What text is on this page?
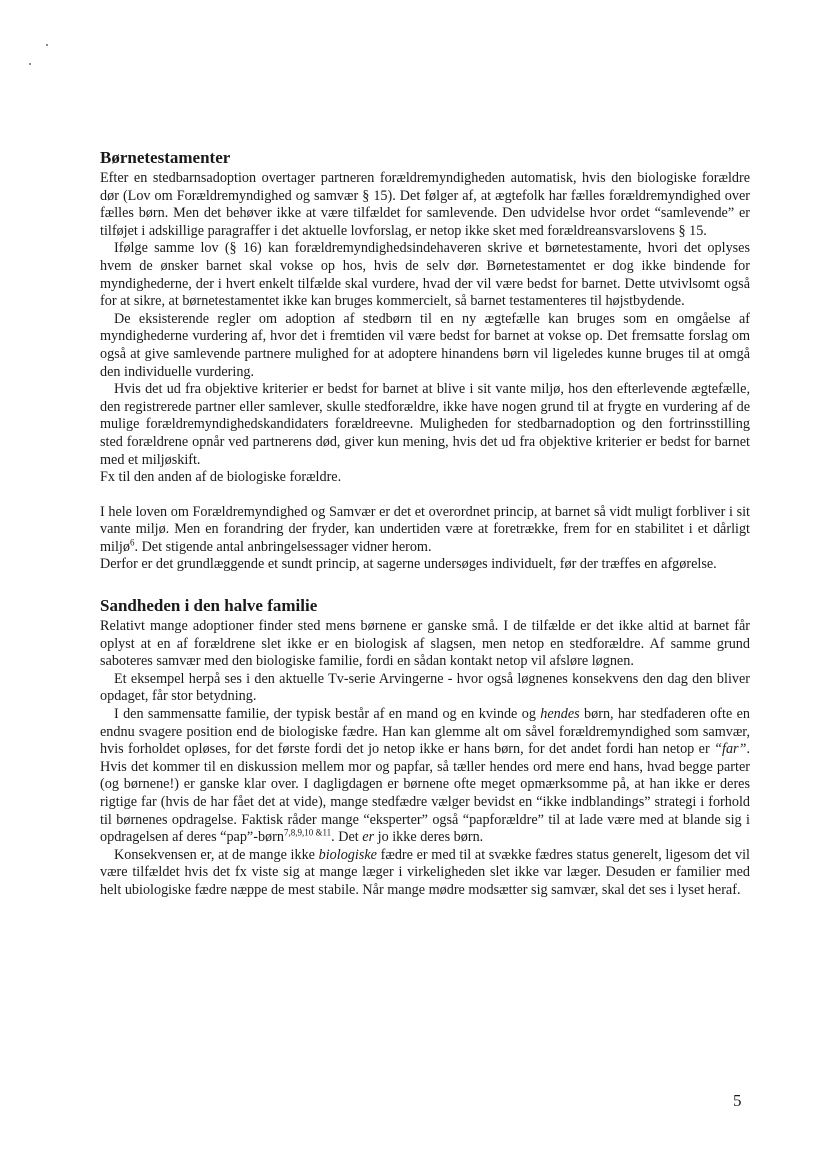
Børnetestamenter

Efter en stedbarnsadoption overtager partneren forældremyndigheden automatisk, hvis den biologiske forældre dør (Lov om Forældremyndighed og samvær § 15). Det følger af, at ægtefolk har fælles forældremyndighed over fælles børn. Men det behøver ikke at være tilfældet for samlevende. Den udvidelse hvor ordet “samlevende” er tilføjet i adskillige paragraffer i det aktuelle lovforslag, er netop ikke sket med forældreansvarslovens § 15.

Ifølge samme lov (§ 16) kan forældremyndighedsindehaveren skrive et børnetestamente, hvori det oplyses hvem de ønsker barnet skal vokse op hos, hvis de selv dør. Børnetestamentet er dog ikke bindende for myndighederne, der i hvert enkelt tilfælde skal vurdere, hvad der vil være bedst for barnet. Dette utvivlsomt også for at sikre, at børnetestamentet ikke kan bruges kommercielt, så barnet testamenteres til højstbydende.

De eksisterende regler om adoption af stedbørn til en ny ægtefælle kan bruges som en omgåelse af myndighederne vurdering af, hvor det i fremtiden vil være bedst for barnet at vokse op. Det fremsatte forslag om også at give samlevende partnere mulighed for at adoptere hinandens børn vil ligeledes kunne bruges til at omgå den individuelle vurdering.

Hvis det ud fra objektive kriterier er bedst for barnet at blive i sit vante miljø, hos den efterlevende ægtefælle, den registrerede partner eller samlever, skulle stedforældre, ikke have nogen grund til at frygte en vurdering af de mulige forældremyndighedskandidaters forældreevne. Muligheden for stedbarnadoption og den fortrinsstilling sted forældrene opnår ved partnerens død, giver kun mening, hvis det ud fra objektive kriterier er bedst for barnet med et miljøskift.

Fx til den anden af de biologiske forældre.

I hele loven om Forældremyndighed og Samvær er det et overordnet princip, at barnet så vidt muligt forbliver i sit vante miljø. Men en forandring der fryder, kan undertiden være at foretrække, frem for en stabilitet i et dårligt miljø$^6$. Det stigende antal anbringelsessager vidner herom.

Derfor er det grundlæggende et sundt princip, at sagerne undersøges individuelt, før der træffes en afgørelse.

Sandheden i den halve familie

Relativt mange adoptioner finder sted mens børnene er ganske små. I de tilfælde er det ikke altid at barnet får oplyst at en af forældrene slet ikke er en biologisk af slagsen, men netop en stedforældre. Af samme grund saboteres samvær med den biologiske familie, fordi en sådan kontakt netop vil afsløre løgnen.

Et eksempel herpå ses i den aktuelle Tv-serie Arvingerne - hvor også løgnenes konsekvens den dag den bliver opdaget, får stor betydning.

I den sammensatte familie, der typisk består af en mand og en kvinde og hendes børn, har stedfaderen ofte en endnu svagere position end de biologiske fædre. Han kan glemme alt om såvel forældremyndighed som samvær, hvis forholdet opløses, for det første fordi det jo netop ikke er hans børn, for det andet fordi han netop er “far”. Hvis det kommer til en diskussion mellem mor og papfar, så tæller hendes ord mere end hans, hvad begge parter (og børnene!) er ganske klar over. I dagligdagen er børnene ofte meget opmærksomme på, at han ikke er deres rigtige far (hvis de har fået det at vide), mange stedfædre vælger bevidst en “ikke indblandings” strategi i forhold til børnenes opdragelse. Faktisk råder mange “eksperter” også “papforældre” til at lade være med at blande sig i opdragelsen af deres “pap”-børn$^{7,8,9,10 \&11}$. Det er jo ikke deres børn.

Konsekvensen er, at de mange ikke biologiske fædre er med til at svække fædres status generelt, ligesom det vil være tilfældet hvis det fx viste sig at mange læger i virkeligheden slet ikke var læger. Desuden er familier med helt ubiologiske fædre næppe de mest stabile. Når mange mødre modsætter sig samvær, skal det ses i lyset heraf.

5
